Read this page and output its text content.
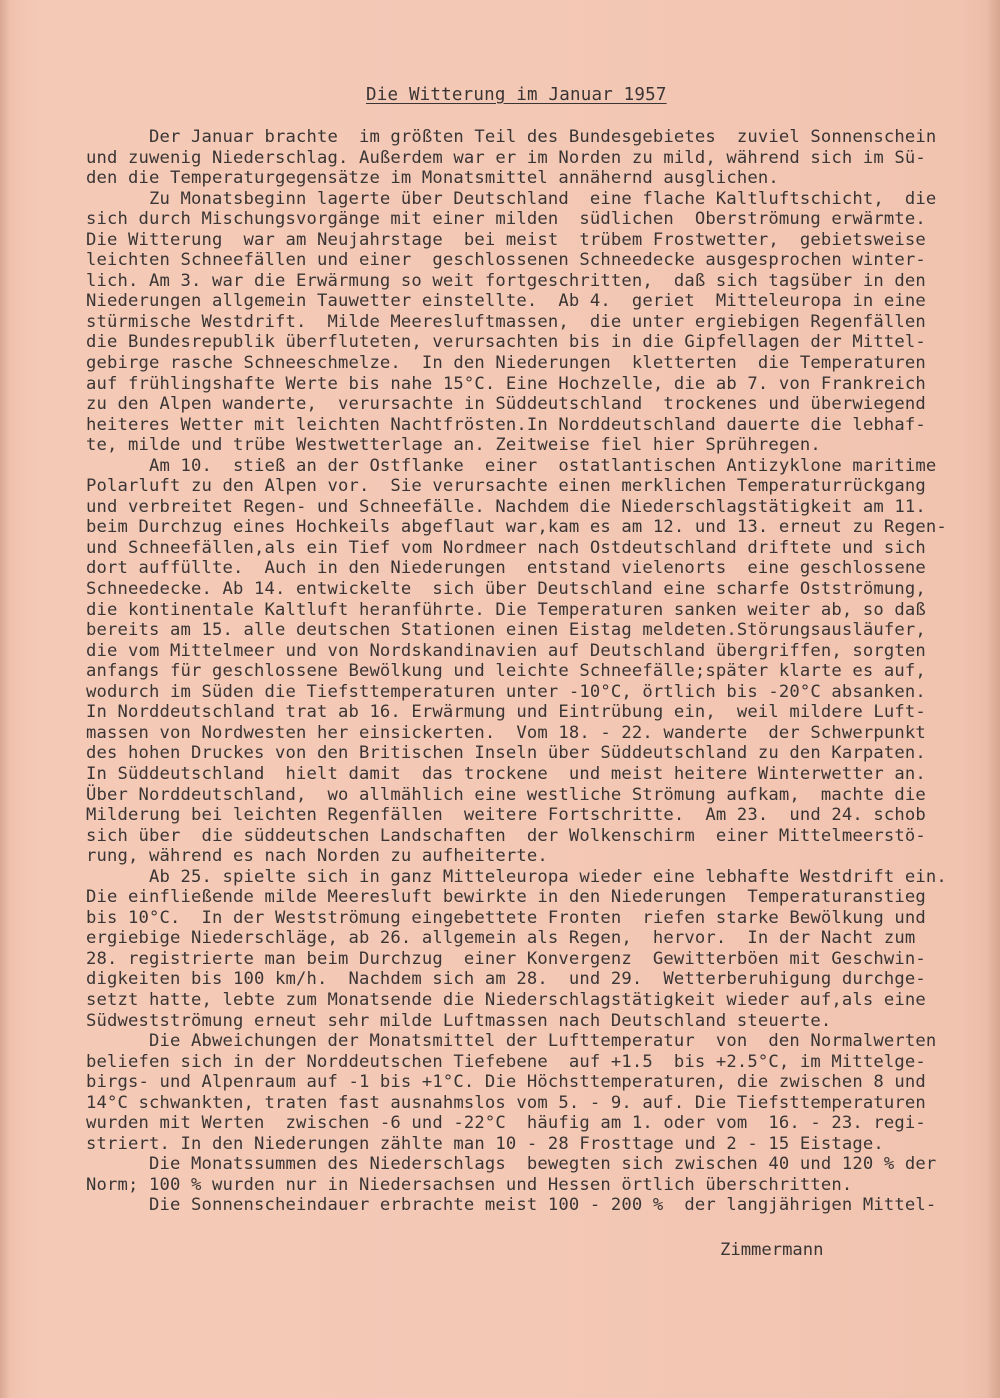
Die Witterung im Januar 1957
Der Januar brachte  im größten Teil des Bundesgebietes  zuviel Sonnenschein
und zuwenig Niederschlag. Außerdem war er im Norden zu mild, während sich im Sü-
den die Temperaturgegensätze im Monatsmittel annähernd ausglichen.
Zu Monatsbeginn lagerte über Deutschland  eine flache Kaltluftschicht,  die
sich durch Mischungsvorgänge mit einer milden  südlichen  Oberströmung erwärmte.
Die Witterung  war am Neujahrstage  bei meist  trübem Frostwetter,  gebietsweise
leichten Schneefällen und einer  geschlossenen Schneedecke ausgesprochen winter-
lich. Am 3. war die Erwärmung so weit fortgeschritten,  daß sich tagsüber in den
Niederungen allgemein Tauwetter einstellte.  Ab 4.  geriet  Mitteleuropa in eine
stürmische Westdrift.  Milde Meeresluftmassen,  die unter ergiebigen Regenfällen
die Bundesrepublik überfluteten, verursachten bis in die Gipfellagen der Mittel-
gebirge rasche Schneeschmelze.  In den Niederungen  kletterten  die Temperaturen
auf frühlingshafte Werte bis nahe 15°C. Eine Hochzelle, die ab 7. von Frankreich
zu den Alpen wanderte,  verursachte in Süddeutschland  trockenes und überwiegend
heiteres Wetter mit leichten Nachtfrösten.In Norddeutschland dauerte die lebhaf-
te, milde und trübe Westwetterlage an. Zeitweise fiel hier Sprühregen.
Am 10.  stieß an der Ostflanke  einer  ostatlantischen Antizyklone maritime
Polarluft zu den Alpen vor.  Sie verursachte einen merklichen Temperaturrückgang
und verbreitet Regen- und Schneefälle. Nachdem die Niederschlagstätigkeit am 11.
beim Durchzug eines Hochkeils abgeflaut war,kam es am 12. und 13. erneut zu Regen-
und Schneefällen,als ein Tief vom Nordmeer nach Ostdeutschland driftete und sich
dort auffüllte.  Auch in den Niederungen  entstand vielenorts  eine geschlossene
Schneedecke. Ab 14. entwickelte  sich über Deutschland eine scharfe Ostströmung,
die kontinentale Kaltluft heranführte. Die Temperaturen sanken weiter ab, so daß
bereits am 15. alle deutschen Stationen einen Eistag meldeten.Störungsausläufer,
die vom Mittelmeer und von Nordskandinavien auf Deutschland übergriffen, sorgten
anfangs für geschlossene Bewölkung und leichte Schneefälle;später klarte es auf,
wodurch im Süden die Tiefsttemperaturen unter -10°C, örtlich bis -20°C absanken.
In Norddeutschland trat ab 16. Erwärmung und Eintrübung ein,  weil mildere Luft-
massen von Nordwesten her einsickerten.  Vom 18. - 22. wanderte  der Schwerpunkt
des hohen Druckes von den Britischen Inseln über Süddeutschland zu den Karpaten.
In Süddeutschland  hielt damit  das trockene  und meist heitere Winterwetter an.
Über Norddeutschland,  wo allmählich eine westliche Strömung aufkam,  machte die
Milderung bei leichten Regenfällen  weitere Fortschritte.  Am 23.  und 24. schob
sich über  die süddeutschen Landschaften  der Wolkenschirm  einer Mittelmeerstö-
rung, während es nach Norden zu aufheiterte.
Ab 25. spielte sich in ganz Mitteleuropa wieder eine lebhafte Westdrift ein.
Die einfließende milde Meeresluft bewirkte in den Niederungen  Temperaturanstieg
bis 10°C.  In der Westströmung eingebettete Fronten  riefen starke Bewölkung und
ergiebige Niederschläge, ab 26. allgemein als Regen,  hervor.  In der Nacht zum
28. registrierte man beim Durchzug  einer Konvergenz  Gewitterböen mit Geschwin-
digkeiten bis 100 km/h.  Nachdem sich am 28.  und 29.  Wetterberuhigung durchge-
setzt hatte, lebte zum Monatsende die Niederschlagstätigkeit wieder auf,als eine
Südwestströmung erneut sehr milde Luftmassen nach Deutschland steuerte.
Die Abweichungen der Monatsmittel der Lufttemperatur  von  den Normalwerten
beliefen sich in der Norddeutschen Tiefebene  auf +1.5  bis +2.5°C, im Mittelge-
birgs- und Alpenraum auf -1 bis +1°C. Die Höchsttemperaturen, die zwischen 8 und
14°C schwankten, traten fast ausnahmslos vom 5. - 9. auf. Die Tiefsttemperaturen
wurden mit Werten  zwischen -6 und -22°C  häufig am 1. oder vom  16. - 23. regi-
striert. In den Niederungen zählte man 10 - 28 Frosttage und 2 - 15 Eistage.
Die Monatssummen des Niederschlags  bewegten sich zwischen 40 und 120 % der
Norm; 100 % wurden nur in Niedersachsen und Hessen örtlich überschritten.
Die Sonnenscheindauer erbrachte meist 100 - 200 %  der langjährigen Mittel-
Zimmermann
